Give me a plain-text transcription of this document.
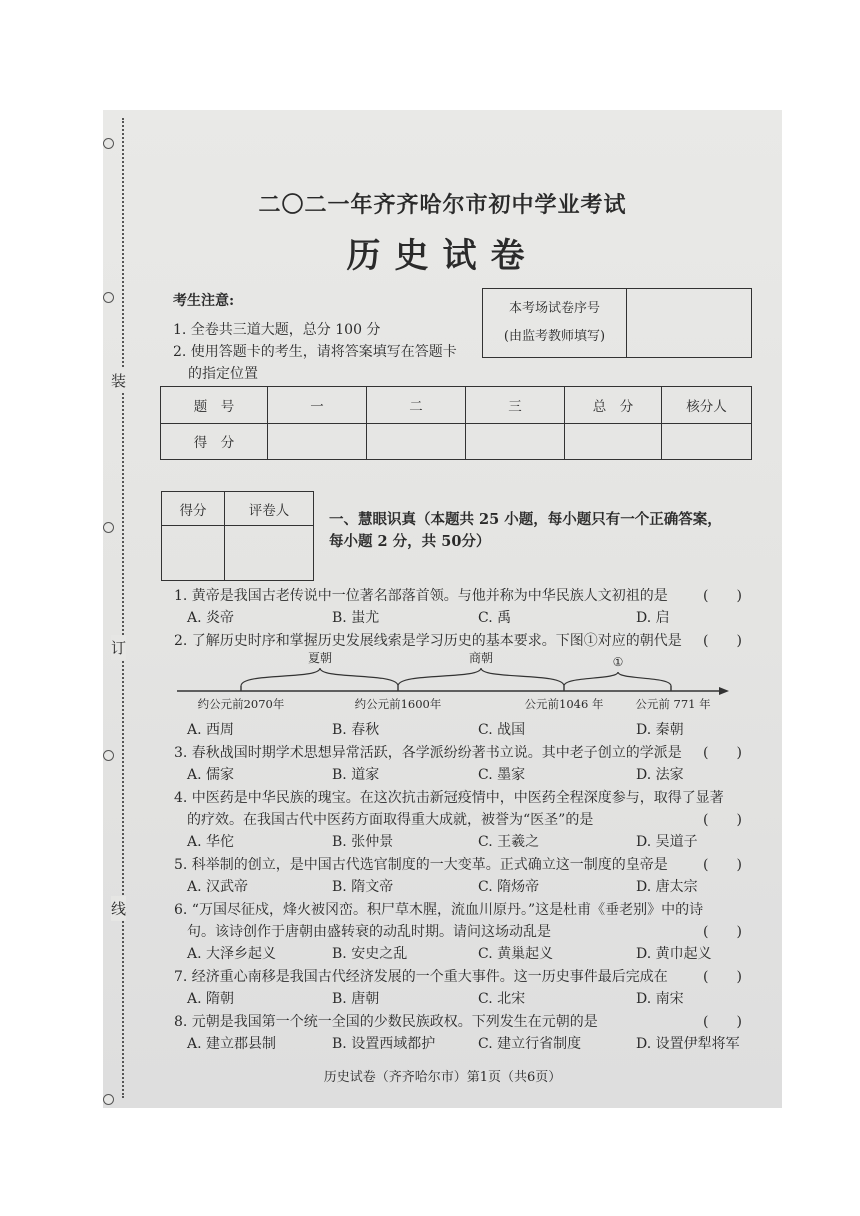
装
订
线
二〇二一年齐齐哈尔市初中学业考试
历史试卷
考生注意:
1. 全卷共三道大题，总分 100 分
2. 使用答题卡的考生，请将答案填写在答题卡
的指定位置
本考场试卷序号
(由监考教师填写)

题　号	一	二	三	总　分	核分人
得　分					
得分	评卷人

一、慧眼识真（本题共 25 小题，每小题只有一个正确答案，
每小题 2 分，共 50分）
1. 黄帝是我国古老传说中一位著名部落首领。与他并称为中华民族人文初祖的是	(　　)
A. 炎帝	B. 蚩尤	C. 禹	D. 启
2. 了解历史时序和掌握历史发展线索是学习历史的基本要求。下图①对应的朝代是 (　　)
夏朝	商朝	①
约公元前2070年	约公元前1600年	公元前1046 年	公元前 771 年
A. 西周	B. 春秋	C. 战国	D. 秦朝
3. 春秋战国时期学术思想异常活跃，各学派纷纷著书立说。其中老子创立的学派是 (　　)
A. 儒家	B. 道家	C. 墨家	D. 法家
4. 中医药是中华民族的瑰宝。在这次抗击新冠疫情中，中医药全程深度参与，取得了显著
的疗效。在我国古代中医药方面取得重大成就，被誉为“医圣”的是	(　　)
A. 华佗	B. 张仲景	C. 王羲之	D. 吴道子
5. 科举制的创立，是中国古代选官制度的一大变革。正式确立这一制度的皇帝是	(　　)
A. 汉武帝	B. 隋文帝	C. 隋炀帝	D. 唐太宗
6. “万国尽征戍，烽火被冈峦。积尸草木腥，流血川原丹。”这是杜甫《垂老别》中的诗
句。该诗创作于唐朝由盛转衰的动乱时期。请问这场动乱是	(　　)
A. 大泽乡起义	B. 安史之乱	C. 黄巢起义	D. 黄巾起义
7. 经济重心南移是我国古代经济发展的一个重大事件。这一历史事件最后完成在	(　　)
A. 隋朝	B. 唐朝	C. 北宋	D. 南宋
8. 元朝是我国第一个统一全国的少数民族政权。下列发生在元朝的是	(　　)
A. 建立郡县制	B. 设置西域都护	C. 建立行省制度	D. 设置伊犁将军
历史试卷（齐齐哈尔市）第1页（共6页）
